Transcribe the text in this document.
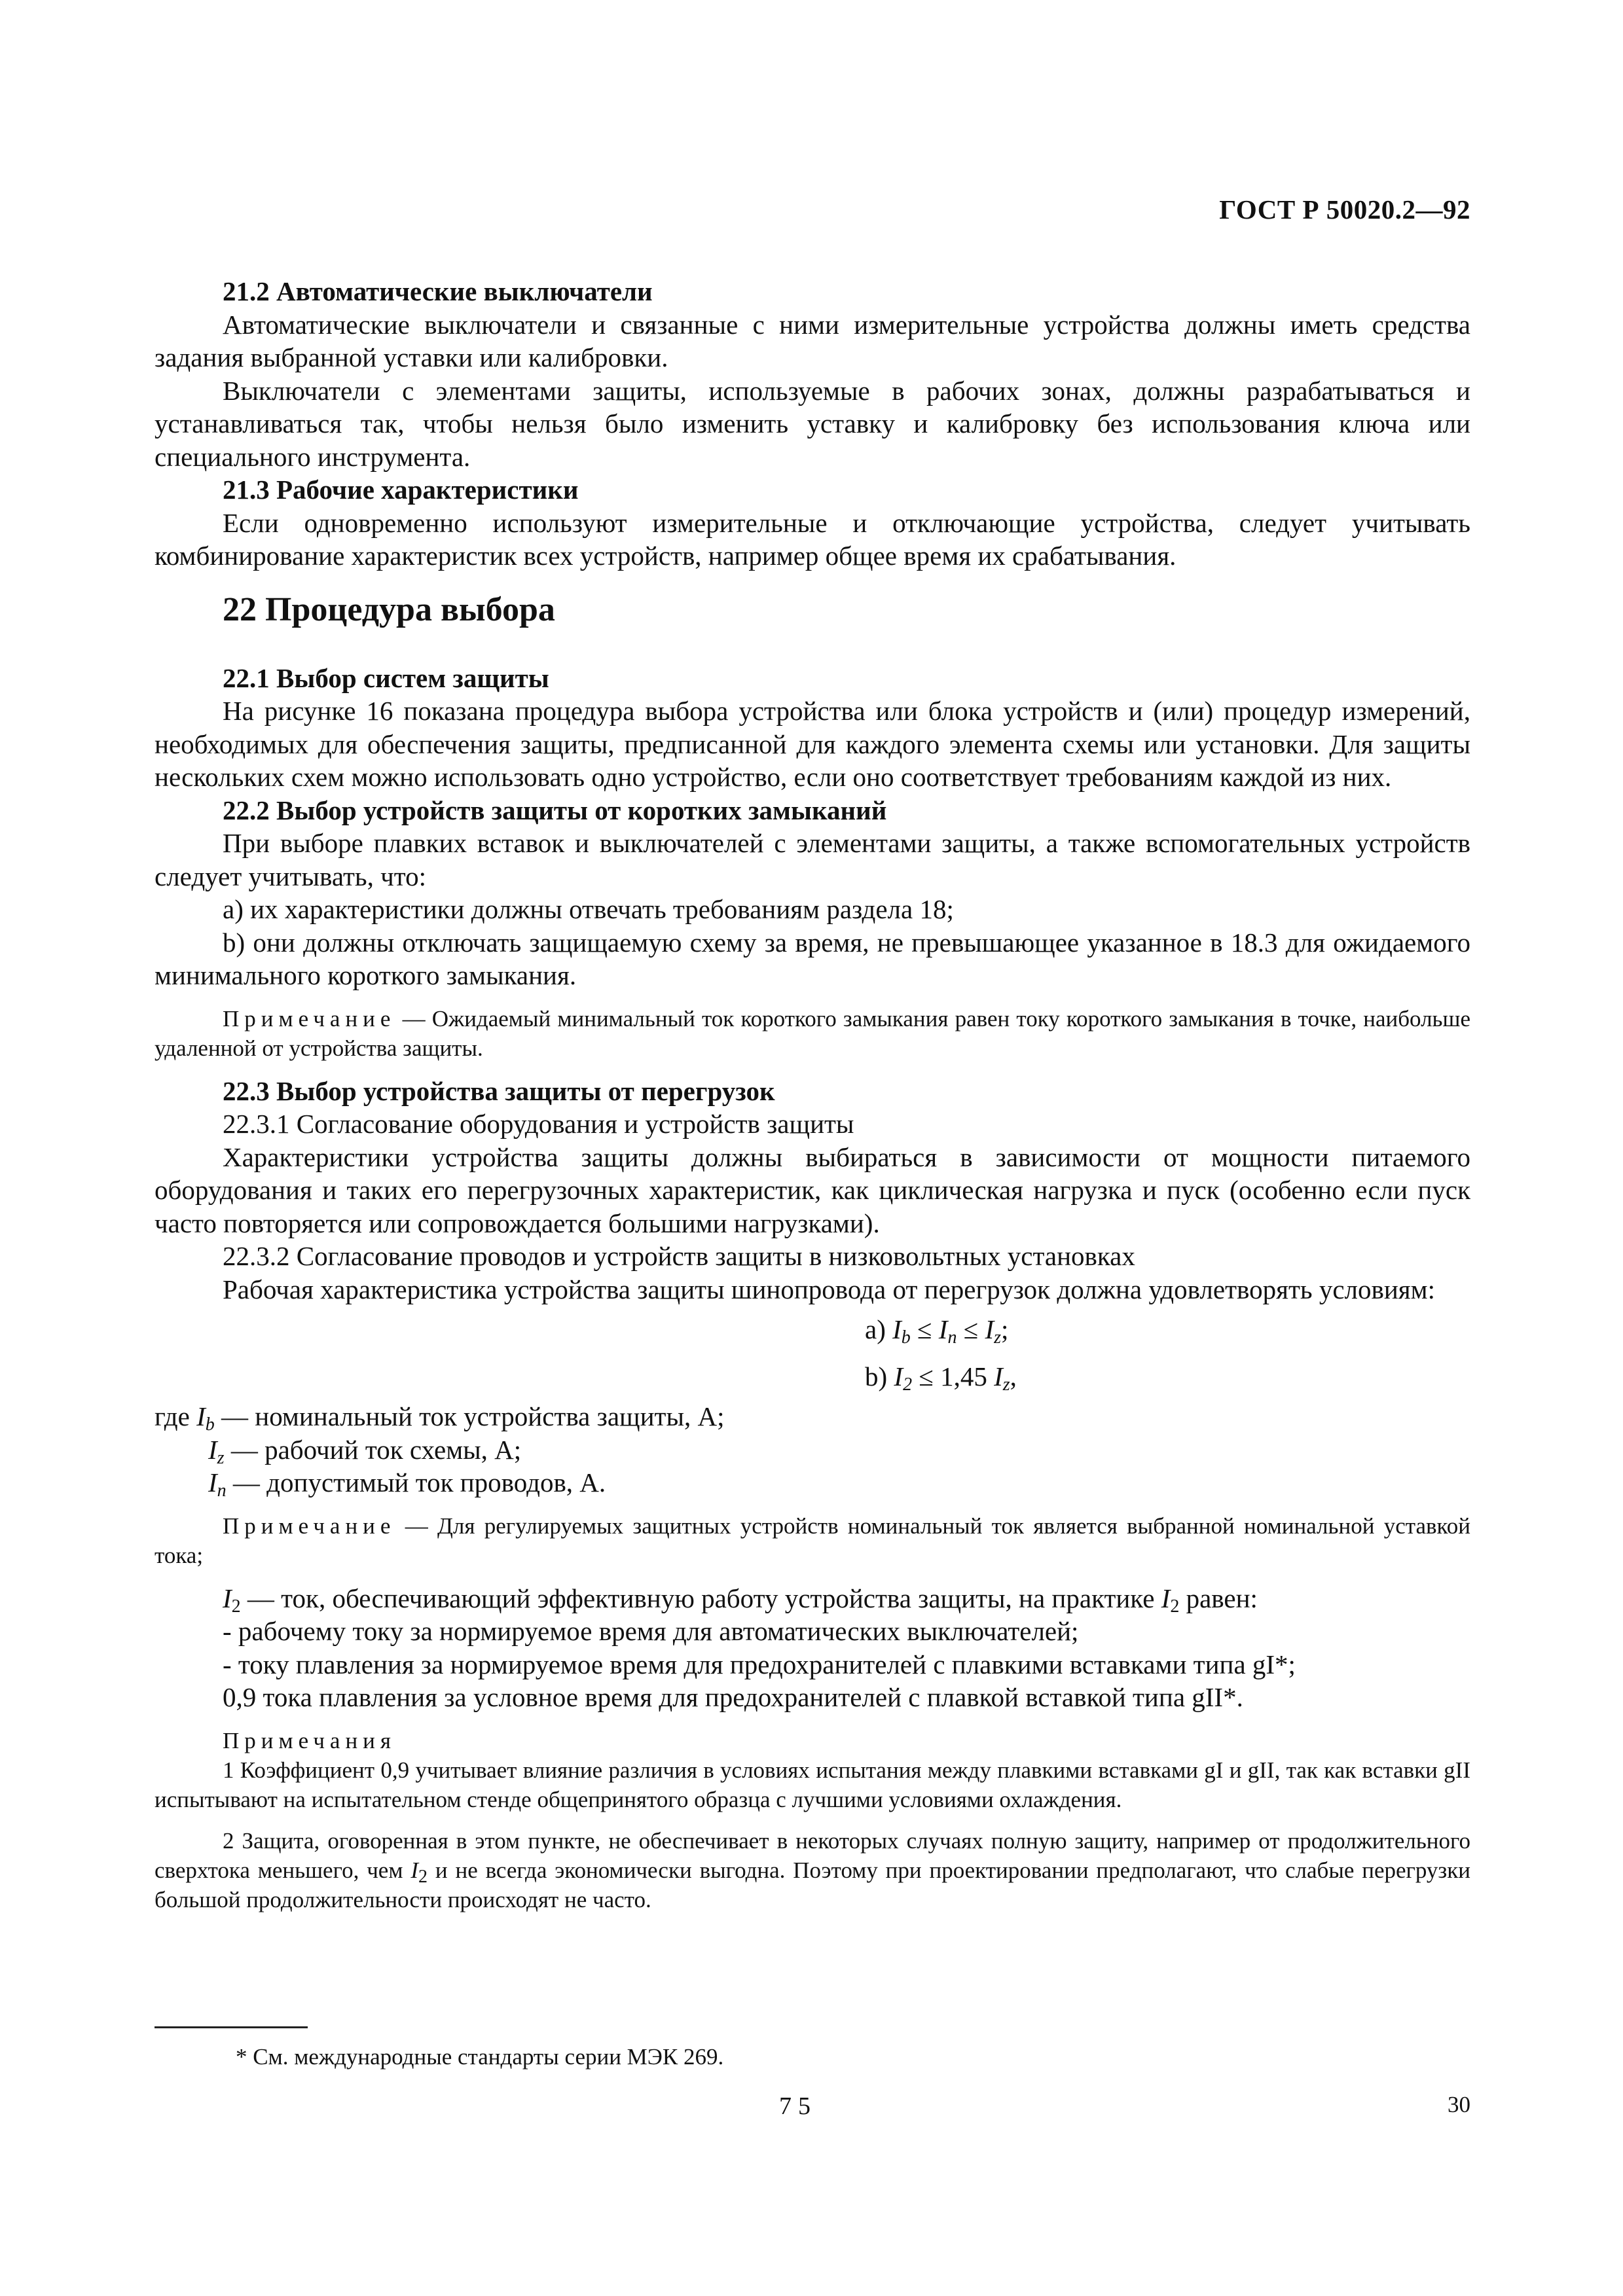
ГОСТ Р 50020.2—92

21.2 Автоматические выключатели

Автоматические выключатели и связанные с ними измерительные устройства должны иметь средства задания выбранной уставки или калибровки.

Выключатели с элементами защиты, используемые в рабочих зонах, должны разрабатываться и устанавливаться так, чтобы нельзя было изменить уставку и калибровку без использования ключа или специального инструмента.

21.3 Рабочие характеристики

Если одновременно используют измерительные и отключающие устройства, следует учитывать комбинирование характеристик всех устройств, например общее время их срабатывания.

22 Процедура выбора

22.1 Выбор систем защиты

На рисунке 16 показана процедура выбора устройства или блока устройств и (или) процедур измерений, необходимых для обеспечения защиты, предписанной для каждого элемента схемы или установки. Для защиты нескольких схем можно использовать одно устройство, если оно соответствует требованиям каждой из них.

22.2 Выбор устройств защиты от коротких замыканий

При выборе плавких вставок и выключателей с элементами защиты, а также вспомогательных устройств следует учитывать, что:

a) их характеристики должны отвечать требованиям раздела 18;

b) они должны отключать защищаемую схему за время, не превышающее указанное в 18.3 для ожидаемого минимального короткого замыкания.

Примечание — Ожидаемый минимальный ток короткого замыкания равен току короткого замыкания в точке, наибольше удаленной от устройства защиты.

22.3 Выбор устройства защиты от перегрузок

22.3.1 Согласование оборудования и устройств защиты

Характеристики устройства защиты должны выбираться в зависимости от мощности питаемого оборудования и таких его перегрузочных характеристик, как циклическая нагрузка и пуск (особенно если пуск часто повторяется или сопровождается большими нагрузками).

22.3.2 Согласование проводов и устройств защиты в низковольтных установках

Рабочая характеристика устройства защиты шинопровода от перегрузок должна удовлетворять условиям:

a) $I_b \le I_n \le I_z$;

b) $I_2 \le 1,45$ $I_z$,

где $I_b$ — номинальный ток устройства защиты, А;

$I_z$ — рабочий ток схемы, А;

$I_n$ — допустимый ток проводов, А.

Примечание — Для регулируемых защитных устройств номинальный ток является выбранной номинальной уставкой тока;

$I_2$ — ток, обеспечивающий эффективную работу устройства защиты, на практике $I_2$ равен:

- рабочему току за нормируемое время для автоматических выключателей;

- току плавления за нормируемое время для предохранителей с плавкими вставками типа gI*;

0,9 тока плавления за условное время для предохранителей с плавкой вставкой типа gII*.

Примечания

1 Коэффициент 0,9 учитывает влияние различия в условиях испытания между плавкими вставками gI и gII, так как вставки gII испытывают на испытательном стенде общепринятого образца с лучшими условиями охлаждения.

2 Защита, оговоренная в этом пункте, не обеспечивает в некоторых случаях полную защиту, например от продолжительного сверхтока меньшего, чем $I_2$ и не всегда экономически выгодна. Поэтому при проектировании предполагают, что слабые перегрузки большой продолжительности происходят не часто.

* См. международные стандарты серии МЭК 269.
75	30
